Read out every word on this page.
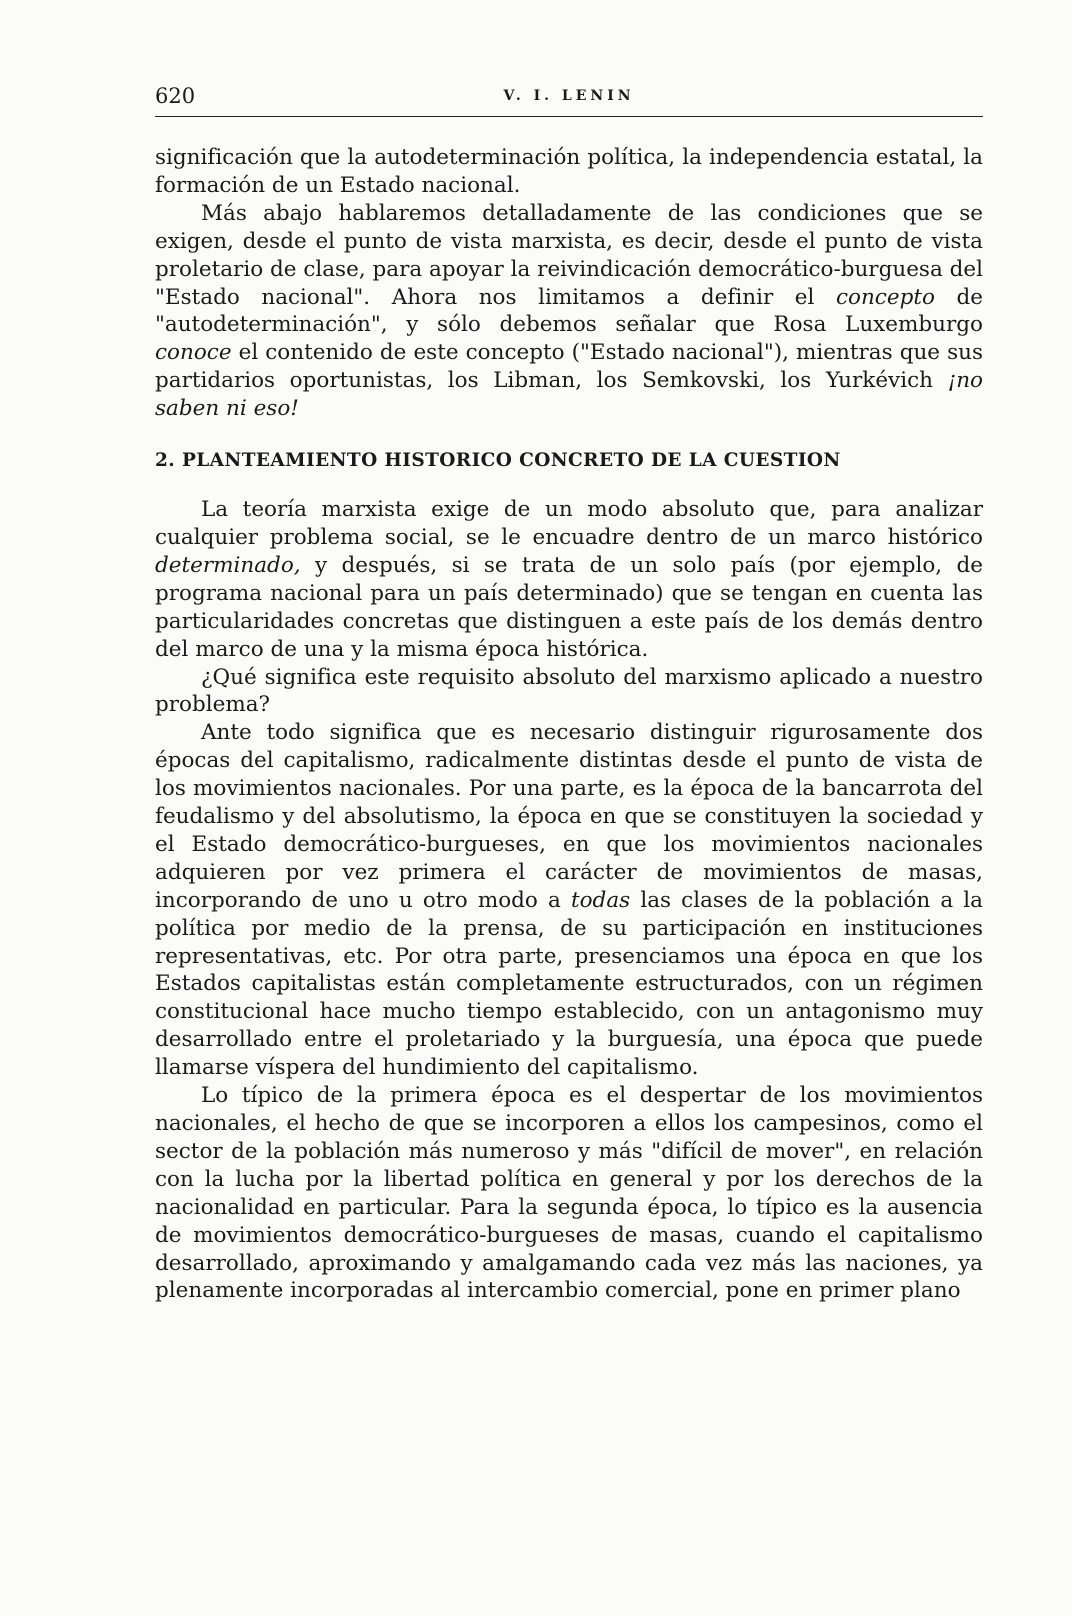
620	V. I. LENIN

significación que la autodeterminación política, la independencia estatal, la formación de un Estado nacional.

Más abajo hablaremos detalladamente de las condiciones que se exigen, desde el punto de vista marxista, es decir, desde el punto de vista proletario de clase, para apoyar la reivindicación democrático-burguesa del "Estado nacional". Ahora nos limitamos a definir el concepto de "autodeterminación", y sólo debemos señalar que Rosa Luxemburgo conoce el contenido de este concepto ("Estado nacional"), mientras que sus partidarios oportunistas, los Libman, los Semkovski, los Yurkévich ¡no saben ni eso!

2. PLANTEAMIENTO HISTORICO CONCRETO DE LA CUESTION

La teoría marxista exige de un modo absoluto que, para analizar cualquier problema social, se le encuadre dentro de un marco histórico determinado, y después, si se trata de un solo país (por ejemplo, de programa nacional para un país determinado) que se tengan en cuenta las particularidades concretas que distinguen a este país de los demás dentro del marco de una y la misma época histórica.

¿Qué significa este requisito absoluto del marxismo aplicado a nuestro problema?

Ante todo significa que es necesario distinguir rigurosamente dos épocas del capitalismo, radicalmente distintas desde el punto de vista de los movimientos nacionales. Por una parte, es la época de la bancarrota del feudalismo y del absolutismo, la época en que se constituyen la sociedad y el Estado democrático-burgueses, en que los movimientos nacionales adquieren por vez primera el carácter de movimientos de masas, incorporando de uno u otro modo a todas las clases de la población a la política por medio de la prensa, de su participación en instituciones representativas, etc. Por otra parte, presenciamos una época en que los Estados capitalistas están completamente estructurados, con un régimen constitucional hace mucho tiempo establecido, con un antagonismo muy desarrollado entre el proletariado y la burguesía, una época que puede llamarse víspera del hundimiento del capitalismo.

Lo típico de la primera época es el despertar de los movimientos nacionales, el hecho de que se incorporen a ellos los campesinos, como el sector de la población más numeroso y más "difícil de mover", en relación con la lucha por la libertad política en general y por los derechos de la nacionalidad en particular. Para la segunda época, lo típico es la ausencia de movimientos democrático-burgueses de masas, cuando el capitalismo desarrollado, aproximando y amalgamando cada vez más las naciones, ya plenamente incorporadas al intercambio comercial, pone en primer plano
